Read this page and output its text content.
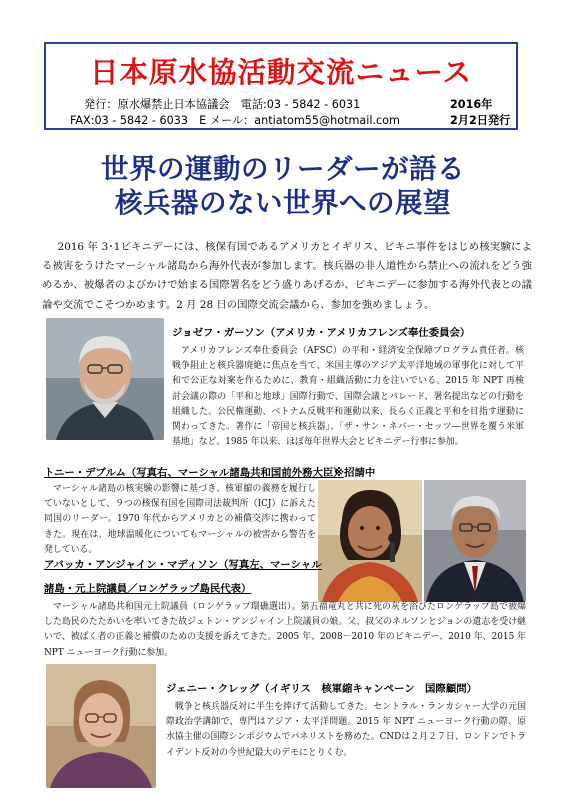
日本原水協活動交流ニュース
発行：原水爆禁止日本協議会　電話:03 - 5842 - 6031	2016年
FAX:03 - 5842 - 6033　E メール：antiatom55@hotmail.com	2月2日発行
世界の運動のリーダーが語る
核兵器のない世界への展望
2016 年 3･1ビキニデーには、核保有国であるアメリカとイギリス、ビキニ事件をはじめ核実験による被害をうけたマーシャル諸島から海外代表が参加します。核兵器の非人道性から禁止への流れをどう強めるか、被爆者のよびかけで始まる国際署名をどう盛りあげるか、ビキニデーに参加する海外代表との議論や交流でこそつかめます。2 月 28 日の国際交流会議から、参加を強めましょう。
ジョゼフ・ガーソン（アメリカ・アメリカフレンズ奉仕委員会）
アメリカフレンズ奉仕委員会（AFSC）の平和・経済安全保障プログラム責任者。核戦争阻止と核兵器廃絶に焦点を当て、米国主導のアジア太平洋地域の軍事化に対して平和で公正な対案を作るために、教育・組織活動に力を注いでいる。2015 年 NPT 再検討会議の際の「平和と地球」国際行動で、国際会議とパレード、署名提出などの行動を組織した。公民権運動、ベトナム反戦平和運動以来、長らく正義と平和を目指す運動に関わってきた。著作に「帝国と核兵器」、「ザ・サン・ネバー・セッツ―世界を覆う米軍基地」など。1985 年以来、ほぼ毎年世界大会とビキニデー行事に参加。
トニー・デブルム（写真右、マーシャル諸島共和国前外務大臣）
※招請中
マーシャル諸島の核実験の影響に基づき、核軍縮の義務を履行していないとして、９つの核保有国を国際司法裁判所（ICJ）に訴えた同国のリーダー。1970 年代からアメリカとの補償交渉に携わってきた。現在は、地球温暖化についてもマーシャルの被害から警告を発している。
アバッカ・アンジャイン・マディソン（写真左、マーシャル
諸島・元上院議員／ロンゲラップ島民代表）
マーシャル諸島共和国元上院議員（ロンゲラップ環礁選出）。第五福竜丸と共に死の灰を浴びたロンゲラップ島で被爆した島民のたたかいを率いてきた故ジェトン・アンジャイン上院議員の娘。父、叔父のネルソンとジョンの遺志を受け継いで、被ばく者の正義と補償のための支援を訴えてきた。2005 年、2008－2010 年のビキニデー、2010 年、2015 年 NPT ニューヨーク行動に参加。
ジェニー・クレッグ（イギリス　核軍縮キャンペーン　国際顧問）
戦争と核兵器反対に半生を捧げて活動してきた。セントラル・ランカシャー大学の元国際政治学講師で、専門はアジア・太平洋問題。2015 年 NPT ニューヨーク行動の際、原水協主催の国際シンポジウムでパネリストを務めた。CNDは２月２７日、ロンドンでトライデント反対の今世紀最大のデモにとりくむ。
